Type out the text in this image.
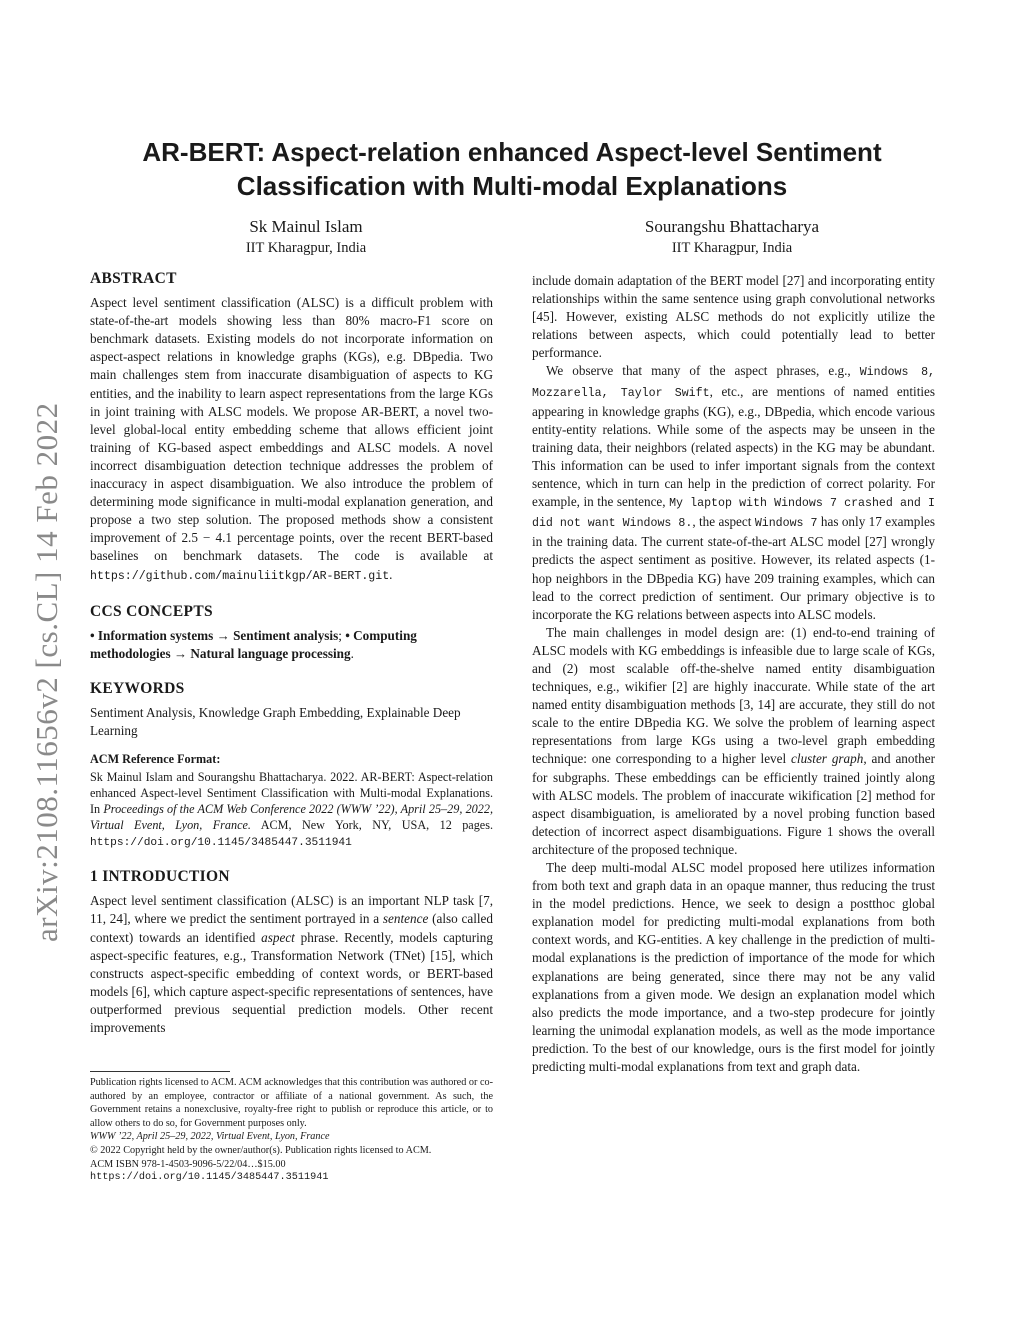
arXiv:2108.11656v2 [cs.CL] 14 Feb 2022
AR-BERT: Aspect-relation enhanced Aspect-level Sentiment Classification with Multi-modal Explanations
Sk Mainul Islam
IIT Kharagpur, India
Sourangshu Bhattacharya
IIT Kharagpur, India
ABSTRACT

Aspect level sentiment classification (ALSC) is a difficult problem with state-of-the-art models showing less than 80% macro-F1 score on benchmark datasets. Existing models do not incorporate information on aspect-aspect relations in knowledge graphs (KGs), e.g. DBpedia. Two main challenges stem from inaccurate disambiguation of aspects to KG entities, and the inability to learn aspect representations from the large KGs in joint training with ALSC models. We propose AR-BERT, a novel two-level global-local entity embedding scheme that allows efficient joint training of KG-based aspect embeddings and ALSC models. A novel incorrect disambiguation detection technique addresses the problem of inaccuracy in aspect disambiguation. We also introduce the problem of determining mode significance in multi-modal explanation generation, and propose a two step solution. The proposed methods show a consistent improvement of 2.5 − 4.1 percentage points, over the recent BERT-based baselines on benchmark datasets. The code is available at https://github.com/mainuliitkgp/AR-BERT.git.

CCS CONCEPTS

• Information systems → Sentiment analysis; • Computing methodologies → Natural language processing.

KEYWORDS

Sentiment Analysis, Knowledge Graph Embedding, Explainable Deep Learning

ACM Reference Format:

Sk Mainul Islam and Sourangshu Bhattacharya. 2022. AR-BERT: Aspect-relation enhanced Aspect-level Sentiment Classification with Multi-modal Explanations. In Proceedings of the ACM Web Conference 2022 (WWW ’22), April 25–29, 2022, Virtual Event, Lyon, France. ACM, New York, NY, USA, 12 pages. https://doi.org/10.1145/3485447.3511941

1 INTRODUCTION

Aspect level sentiment classification (ALSC) is an important NLP task [7, 11, 24], where we predict the sentiment portrayed in a sentence (also called context) towards an identified aspect phrase. Recently, models capturing aspect-specific features, e.g., Transformation Network (TNet) [15], which constructs aspect-specific embedding of context words, or BERT-based models [6], which capture aspect-specific representations of sentences, have outperformed previous sequential prediction models. Other recent improvements

Publication rights licensed to ACM. ACM acknowledges that this contribution was authored or co-authored by an employee, contractor or affiliate of a national government. As such, the Government retains a nonexclusive, royalty-free right to publish or reproduce this article, or to allow others to do so, for Government purposes only.

WWW ’22, April 25–29, 2022, Virtual Event, Lyon, France

© 2022 Copyright held by the owner/author(s). Publication rights licensed to ACM.

ACM ISBN 978-1-4503-9096-5/22/04…$15.00

https://doi.org/10.1145/3485447.3511941

include domain adaptation of the BERT model [27] and incorporating entity relationships within the same sentence using graph convolutional networks [45]. However, existing ALSC methods do not explicitly utilize the relations between aspects, which could potentially lead to better performance.

We observe that many of the aspect phrases, e.g., Windows 8, Mozzarella, Taylor Swift, etc., are mentions of named entities appearing in knowledge graphs (KG), e.g., DBpedia, which encode various entity-entity relations. While some of the aspects may be unseen in the training data, their neighbors (related aspects) in the KG may be abundant. This information can be used to infer important signals from the context sentence, which in turn can help in the prediction of correct polarity. For example, in the sentence, My laptop with Windows 7 crashed and I did not want Windows 8., the aspect Windows 7 has only 17 examples in the training data. The current state-of-the-art ALSC model [27] wrongly predicts the aspect sentiment as positive. However, its related aspects (1-hop neighbors in the DBpedia KG) have 209 training examples, which can lead to the correct prediction of sentiment. Our primary objective is to incorporate the KG relations between aspects into ALSC models.

The main challenges in model design are: (1) end-to-end training of ALSC models with KG embeddings is infeasible due to large scale of KGs, and (2) most scalable off-the-shelve named entity disambiguation techniques, e.g., wikifier [2] are highly inaccurate. While state of the art named entity disambiguation methods [3, 14] are accurate, they still do not scale to the entire DBpedia KG. We solve the problem of learning aspect representations from large KGs using a two-level graph embedding technique: one corresponding to a higher level cluster graph, and another for subgraphs. These embeddings can be efficiently trained jointly along with ALSC models. The problem of inaccurate wikification [2] method for aspect disambiguation, is ameliorated by a novel probing function based detection of incorrect aspect disambiguations. Figure 1 shows the overall architecture of the proposed technique.

The deep multi-modal ALSC model proposed here utilizes information from both text and graph data in an opaque manner, thus reducing the trust in the model predictions. Hence, we seek to design a postthoc global explanation model for predicting multi-modal explanations from both context words, and KG-entities. A key challenge in the prediction of multi-modal explanations is the prediction of importance of the mode for which explanations are being generated, since there may not be any valid explanations from a given mode. We design an explanation model which also predicts the mode importance, and a two-step prodecure for jointly learning the unimodal explanation models, as well as the mode importance prediction. To the best of our knowledge, ours is the first model for jointly predicting multi-modal explanations from text and graph data.
